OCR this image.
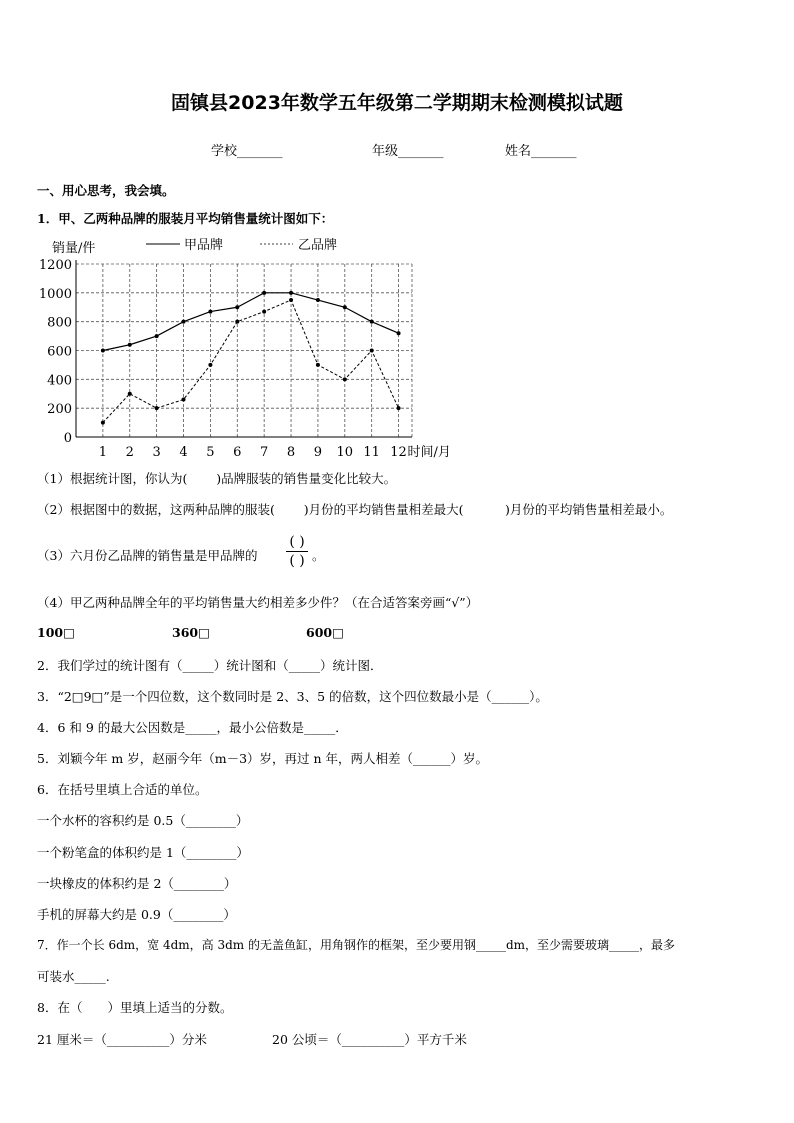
固镇县2023年数学五年级第二学期期末检测模拟试题
学校_______	年级_______	姓名_______
一、用心思考，我会填。
1．甲、乙两种品牌的服装月平均销售量统计图如下：
0
200
400
600
800
1000
1200
1 2 3 4 5 6 7 8 9 10 11 12
销量/件
时间/月
甲品牌	乙品牌
（1）根据统计图，你认为(　　 )品牌服装的销售量变化比较大。
（2）根据图中的数据，这两种品牌的服装(　　 )月份的平均销售量相差最大(　　　 )月份的平均销售量相差最小。
（3）六月份乙品牌的销售量是甲品牌的
( )
( ) 。
（4）甲乙两种品牌全年的平均销售量大约相差多少件？（在合适答案旁画“√”）
100□	360□	600□
2．我们学过的统计图有（_____）统计图和（_____）统计图．
3．“2□9□”是一个四位数，这个数同时是 2、3、5 的倍数，这个四位数最小是（______）。
4．6 和 9 的最大公因数是_____，最小公倍数是_____．
5．刘颖今年 m 岁，赵丽今年（m－3）岁，再过 n 年，两人相差（______）岁。
6．在括号里填上合适的单位。
一个水杯的容积约是 0.5（________）
一个粉笔盒的体积约是 1（________）
一块橡皮的体积约是 2（________）
手机的屏幕大约是 0.9（________）
7．作一个长 6dm，宽 4dm，高 3dm 的无盖鱼缸，用角钢作的框架，至少要用钢_____dm，至少需要玻璃_____，最多
可装水_____.
8．在（　　）里填上适当的分数。
21 厘米＝（__________）分米	20 公顷＝（__________）平方千米
